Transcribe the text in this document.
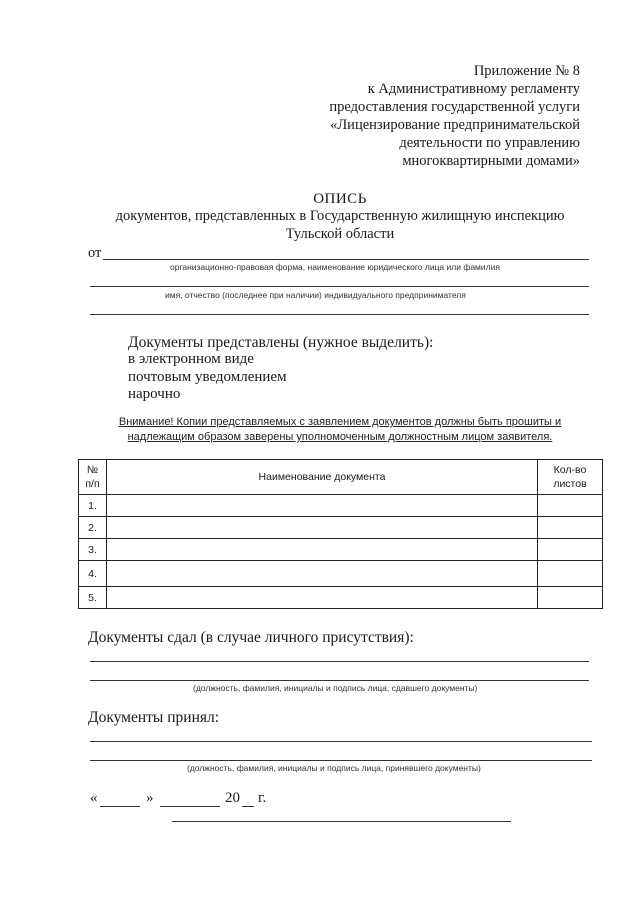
Приложение № 8
к Административному регламенту
предоставления государственной услуги
«Лицензирование предпринимательской
деятельности по управлению
многоквартирными домами»
ОПИСЬ
документов, представленных в Государственную жилищную инспекцию
Тульской области
от
организационно-правовая форма, наименование юридического лица или фамилия
имя, отчество (последнее при наличии) индивидуального предпринимателя
Документы представлены (нужное выделить):
в электронном виде
почтовым уведомлением
нарочно
Внимание! Копии представляемых с заявлением документов должны быть прошиты и
надлежащим образом заверены уполномоченным должностным лицом заявителя.
№
п/п	Наименование документа	Кол-во
листов
1.		
2.		
3.		
4.		
5.		
Документы сдал (в случае личного присутствия):
(должность, фамилия, инициалы и подпись лица, сдавшего документы)
Документы принял:
(должность, фамилия, инициалы и подпись лица, принявшего документы)
«	»	20 г.
